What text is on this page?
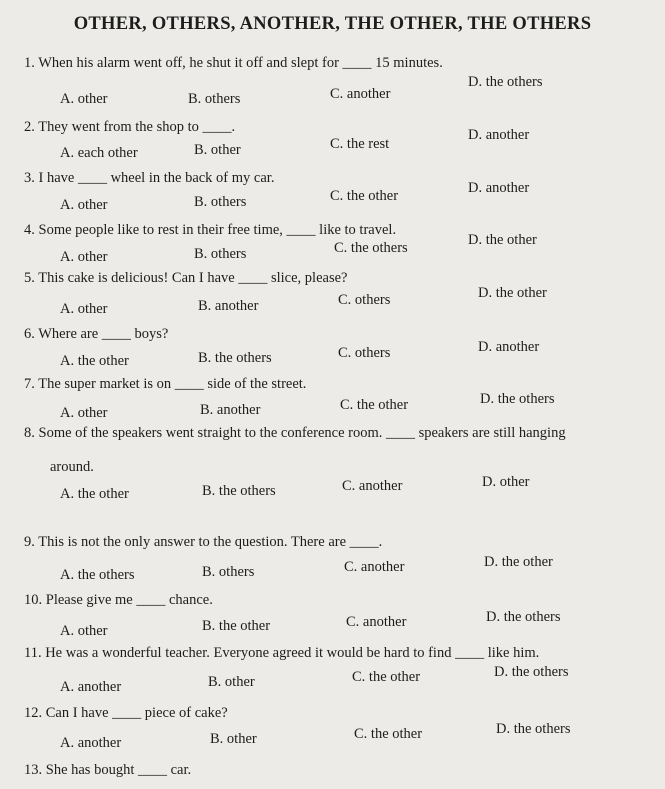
OTHER, OTHERS, ANOTHER, THE OTHER, THE OTHERS
1. When his alarm went off, he shut it off and slept for ____ 15 minutes.
A. other	B. others	C. another
D. the others
2. They went from the shop to ____.
A. each other	B. other	C. the rest
D. another
3. I have ____ wheel in the back of my car.
A. other	B. others	C. the other	D. another
4. Some people like to rest in their free time, ____ like to travel.
A. other	B. others	C. the others	D. the other
5. This cake is delicious! Can I have ____ slice, please?
A. other	B. another	C. others	D. the other
6. Where are ____ boys?
A. the other	B. the others	C. others	D. another
7. The super market is on ____ side of the street.
A. other	B. another	C. the other	D. the others
8. Some of the speakers went straight to the conference room. ____ speakers are still hanging
around.
A. the other	B. the others	C. another	D. other
9. This is not the only answer to the question. There are ____.
A. the others	B. others	C. another	D. the other
10. Please give me ____ chance.
A. other	B. the other	C. another	D. the others
11. He was a wonderful teacher. Everyone agreed it would be hard to find ____ like him.
A. another	B. other	C. the other	D. the others
12. Can I have ____ piece of cake?
A. another	B. other	C. the other	D. the others
13. She has bought ____ car.
